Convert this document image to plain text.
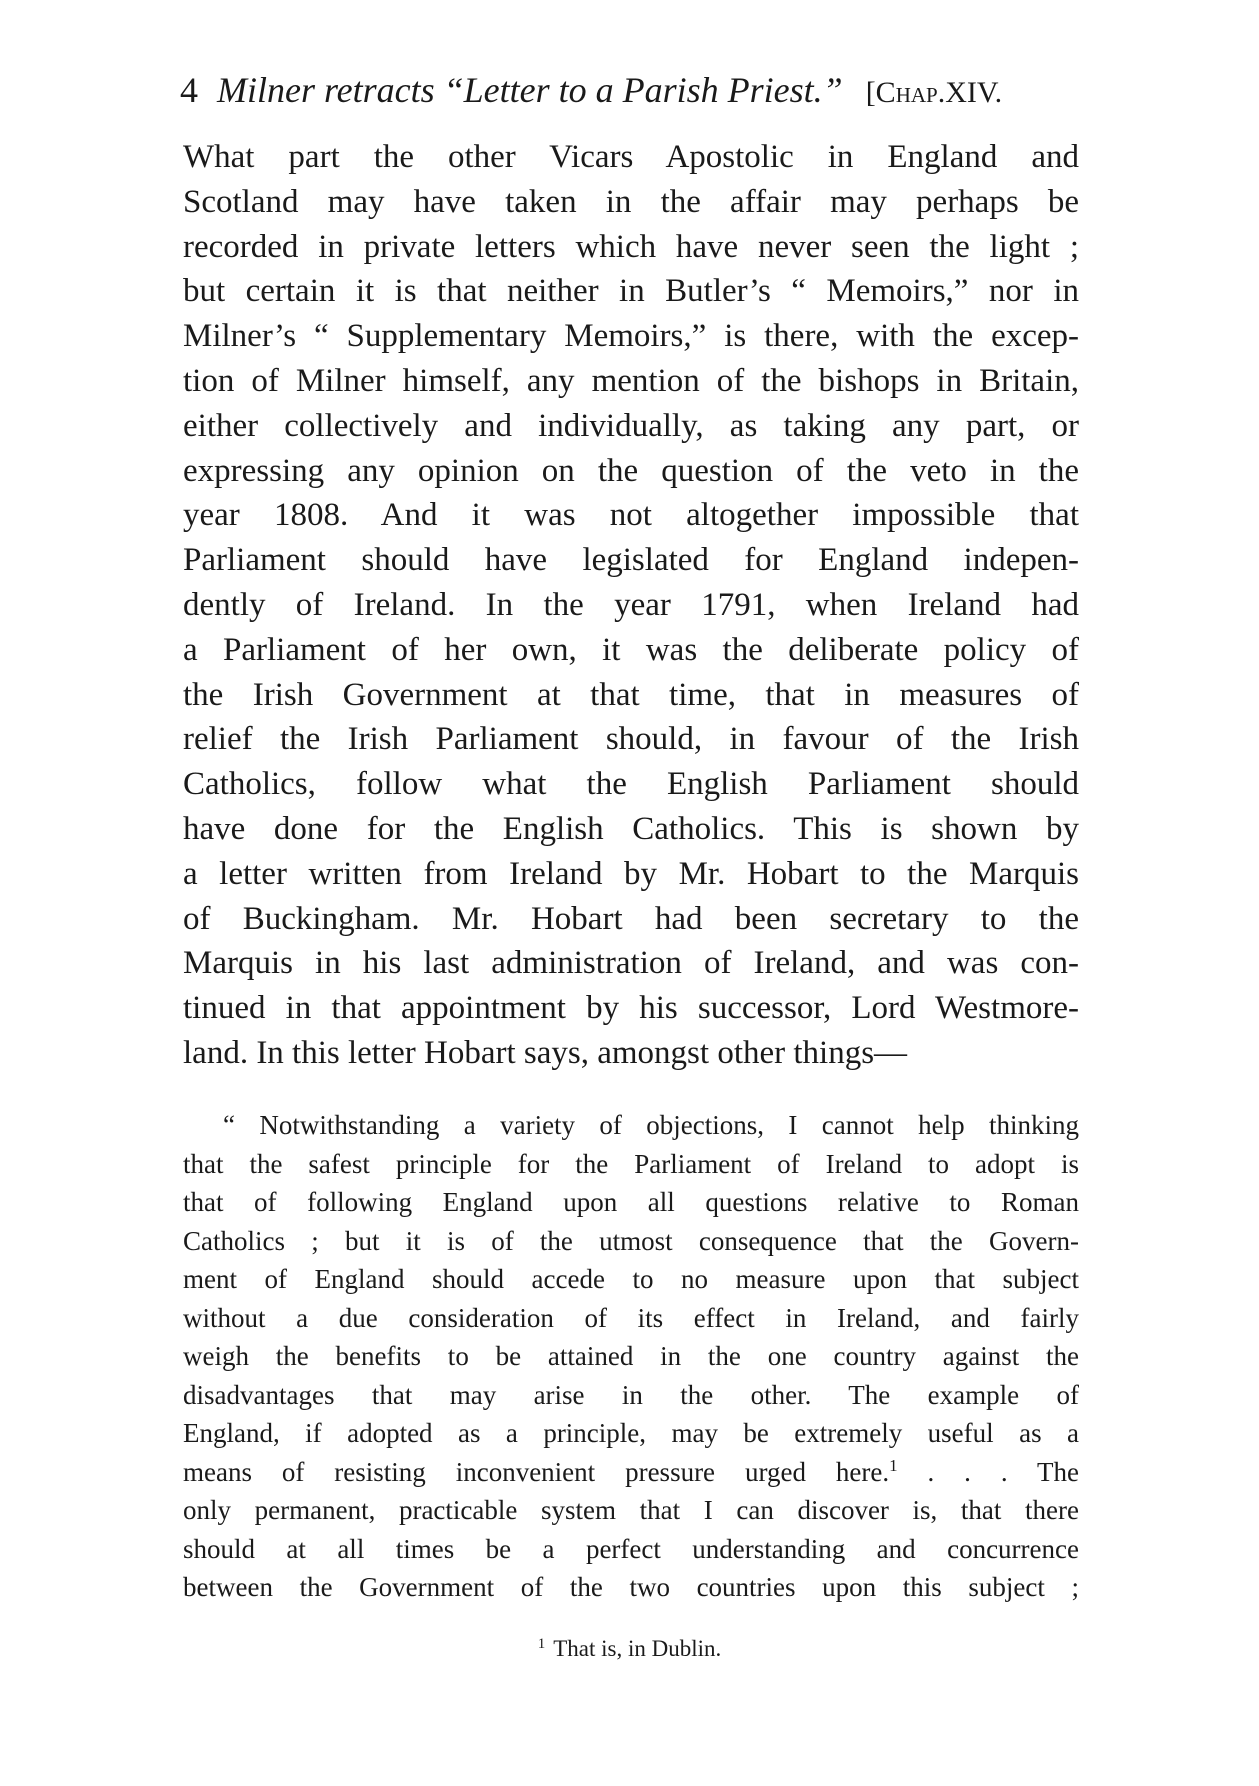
4 Milner retracts “Letter to a Parish Priest.” [Chap.XIV.
What part the other Vicars Apostolic in England and
Scotland may have taken in the affair may perhaps be
recorded in private letters which have never seen the light ;
but certain it is that neither in Butler’s “ Memoirs,” nor in
Milner’s “ Supplementary Memoirs,” is there, with the excep-
tion of Milner himself, any mention of the bishops in Britain,
either collectively and individually, as taking any part, or
expressing any opinion on the question of the veto in the
year 1808. And it was not altogether impossible that
Parliament should have legislated for England indepen-
dently of Ireland. In the year 1791, when Ireland had
a Parliament of her own, it was the deliberate policy of
the Irish Government at that time, that in measures of
relief the Irish Parliament should, in favour of the Irish
Catholics, follow what the English Parliament should
have done for the English Catholics. This is shown by
a letter written from Ireland by Mr. Hobart to the Marquis
of Buckingham. Mr. Hobart had been secretary to the
Marquis in his last administration of Ireland, and was con-
tinued in that appointment by his successor, Lord Westmore-
land. In this letter Hobart says, amongst other things—
“ Notwithstanding a variety of objections, I cannot help thinking
that the safest principle for the Parliament of Ireland to adopt is
that of following England upon all questions relative to Roman
Catholics ; but it is of the utmost consequence that the Govern-
ment of England should accede to no measure upon that subject
without a due consideration of its effect in Ireland, and fairly
weigh the benefits to be attained in the one country against the
disadvantages that may arise in the other. The example of
England, if adopted as a principle, may be extremely useful as a
means of resisting inconvenient pressure urged here.$^1$ . . . The
only permanent, practicable system that I can discover is, that there
should at all times be a perfect understanding and concurrence
between the Government of the two countries upon this subject ;
$^1$ That is, in Dublin.
